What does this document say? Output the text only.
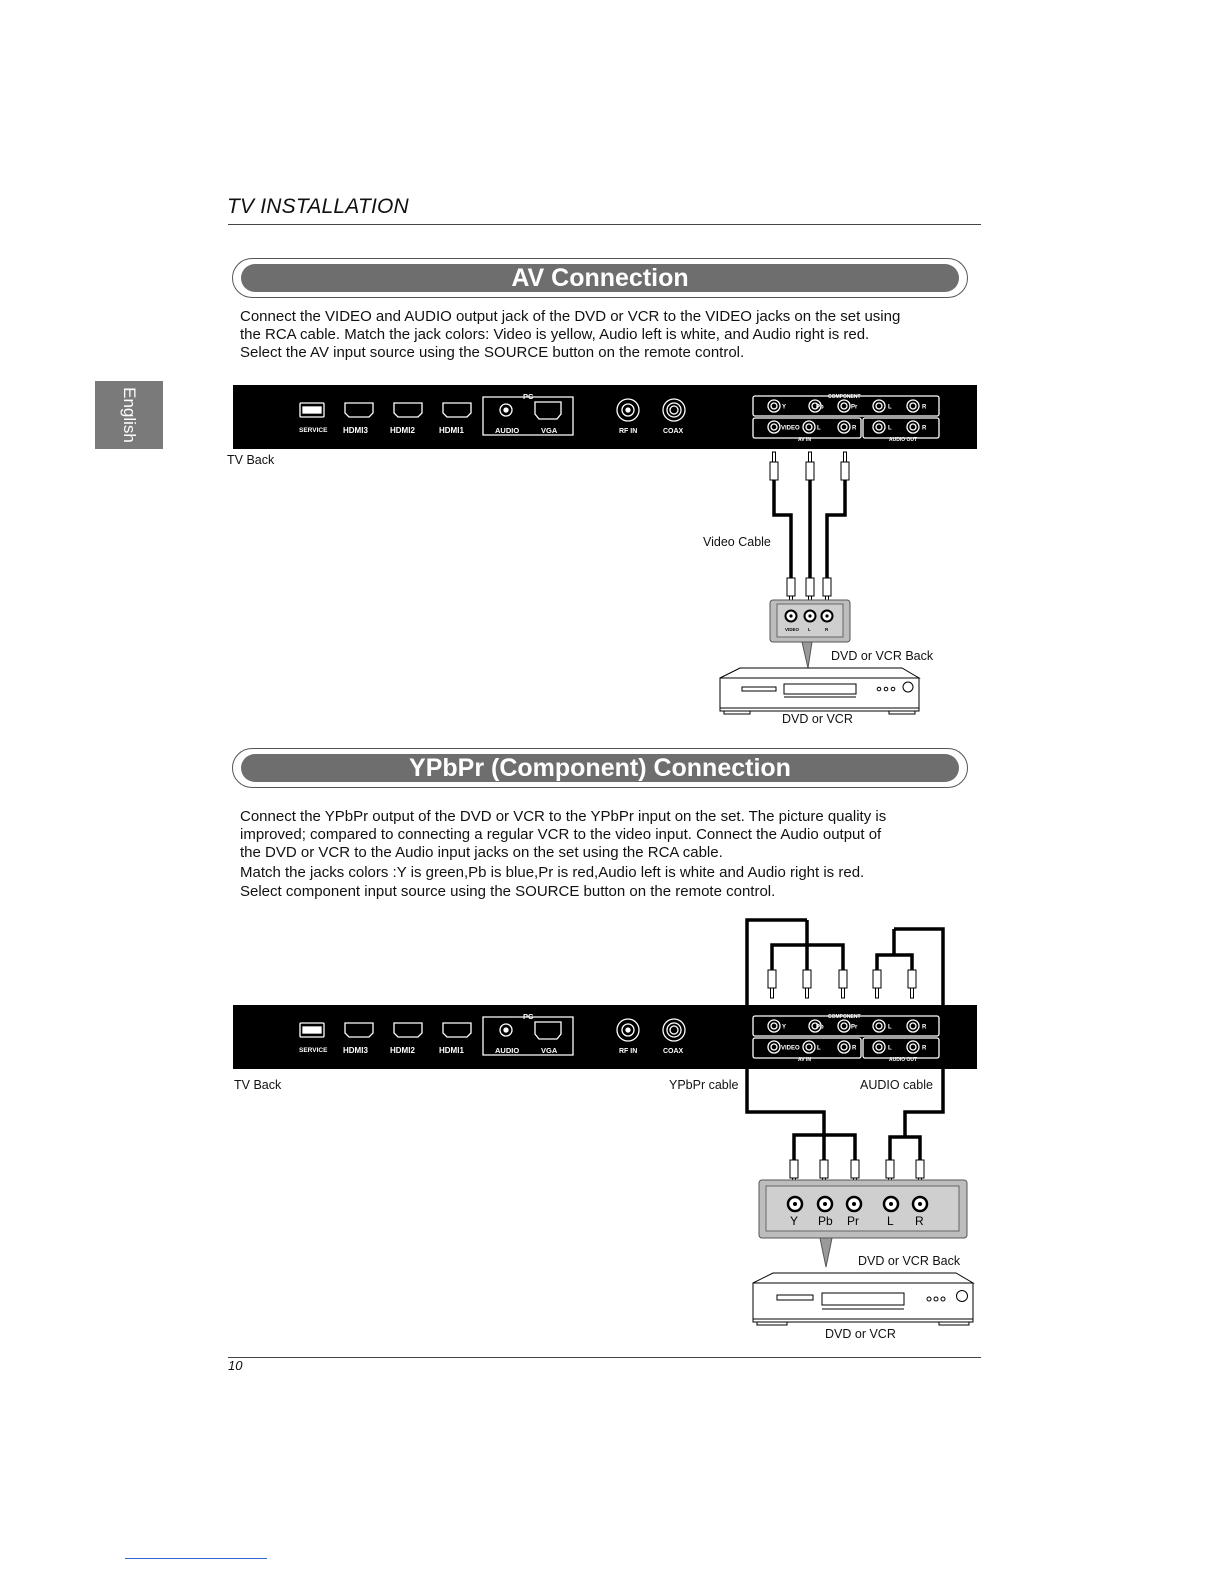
TV INSTALLATION
English
AV Connection

Connect the VIDEO and AUDIO output jack of the DVD or VCR to the VIDEO jacks on the set using

the RCA cable. Match the jack colors: Video is yellow, Audio left is white, and Audio right is red.

Select the AV input source using the SOURCE button on the remote control.

SERVICE HDMI3	HDMI2	HDMI1
PC
AUDIO	VGA	RF IN	COAX
COMPONENT
Y	Pb	Pr	L	R
VIDEO	L	R	L	R
AV IN	AUDIO OUT
TV Back
VIDEO L	R
Video Cable
DVD or VCR Back
DVD or VCR
YPbPr (Component) Connection

Connect the YPbPr output of the DVD or VCR to the YPbPr input on the set. The picture quality is

improved; compared to connecting a regular VCR to the video input. Connect the Audio output of

the DVD or VCR to the Audio input jacks on the set using the RCA cable.

Match the jacks colors :Y is green,Pb is blue,Pr is red,Audio left is white and Audio right is red.

Select component input source using the SOURCE button on the remote control.

SERVICE HDMI3	HDMI2	HDMI1
PC
AUDIO	VGA	RF IN	COAX
COMPONENT
Y	Pb	Pr	L	R
VIDEO	L	R	L	R
AV IN	AUDIO OUT
Y Pb Pr L R
TV Back	YPbPr cable	AUDIO cable
DVD or VCR Back
DVD or VCR
10
